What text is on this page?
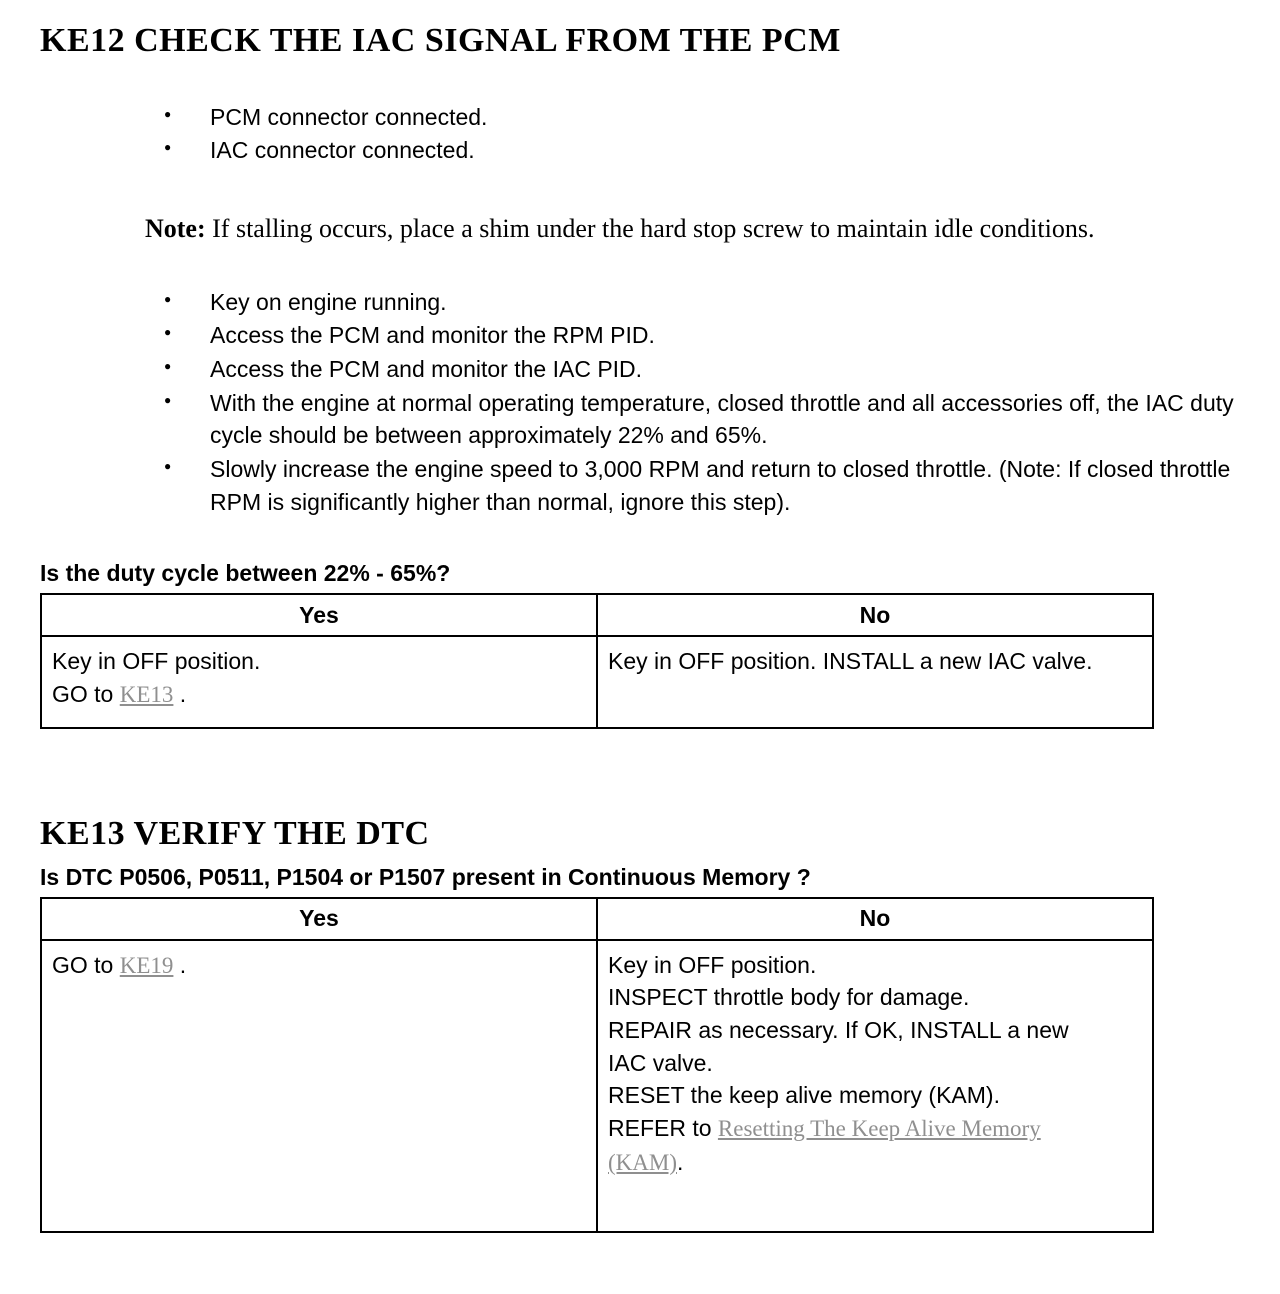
KE12 CHECK THE IAC SIGNAL FROM THE PCM
● PCM connector connected.
● IAC connector connected.

Note: If stalling occurs, place a shim under the hard stop screw to maintain idle conditions.

● Key on engine running.
● Access the PCM and monitor the RPM PID.
● Access the PCM and monitor the IAC PID.
● With the engine at normal operating temperature, closed throttle and all accessories off, the IAC duty cycle should be between approximately 22% and 65%.
● Slowly increase the engine speed to 3,000 RPM and return to closed throttle. (Note: If closed throttle RPM is significantly higher than normal, ignore this step).

Is the duty cycle between 22% - 65%?

Yes	No

Key in OFF position.
GO to KE13 .	Key in OFF position. INSTALL a new IAC valve.
KE13 VERIFY THE DTC

Is DTC P0506, P0511, P1504 or P1507 present in Continuous Memory ?

Yes	No

GO to KE19 .	Key in OFF position.
INSPECT throttle body for damage.
REPAIR as necessary. If OK, INSTALL a new IAC valve.
RESET the keep alive memory (KAM).
REFER to Resetting The Keep Alive Memory (KAM).
